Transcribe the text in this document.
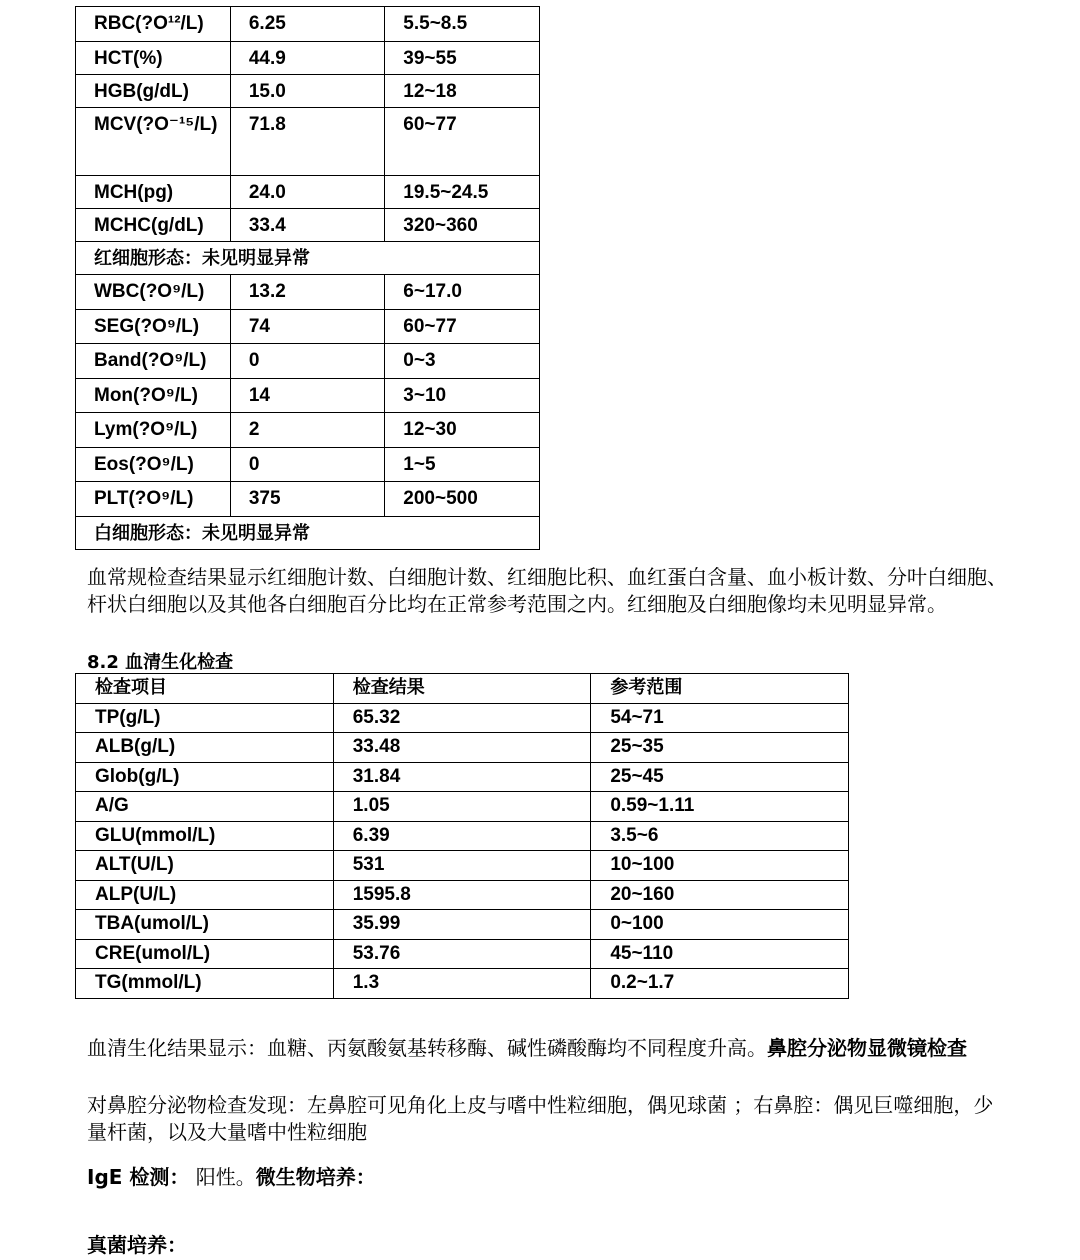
RBC(?O¹²/L)	6.25	5.5~8.5
HCT(%)	44.9	39~55
HGB(g/dL)	15.0	12~18
MCV(?O⁻¹⁵/L)	71.8	60~77
MCH(pg)	24.0	19.5~24.5
MCHC(g/dL)	33.4	320~360
红细胞形态：未见明显异常		
WBC(?O⁹/L)	13.2	6~17.0
SEG(?O⁹/L)	74	60~77
Band(?O⁹/L)	0	0~3
Mon(?O⁹/L)	14	3~10
Lym(?O⁹/L)	2	12~30
Eos(?O⁹/L)	0	1~5
PLT(?O⁹/L)	375	200~500
白细胞形态：未见明显异常		
血常规检查结果显示红细胞计数、白细胞计数、红细胞比积、血红蛋白含量、血小板计数、分叶白细胞、杆状白细胞以及其他各白细胞百分比均在正常参考范围之内。红细胞及白细胞像均未见明显异常。
8.2 血清生化检查
检查项目	检查结果	参考范围
TP(g/L)	65.32	54~71
ALB(g/L)	33.48	25~35
Glob(g/L)	31.84	25~45
A/G	1.05	0.59~1.11
GLU(mmol/L)	6.39	3.5~6
ALT(U/L)	531	10~100
ALP(U/L)	1595.8	20~160
TBA(umol/L)	35.99	0~100
CRE(umol/L)	53.76	45~110
TG(mmol/L)	1.3	0.2~1.7
血清生化结果显示：血糖、丙氨酸氨基转移酶、碱性磷酸酶均不同程度升高。鼻腔分泌物显微镜检查
对鼻腔分泌物检查发现：左鼻腔可见角化上皮与嗜中性粒细胞，偶见球菌 ；右鼻腔：偶见巨噬细胞，少量杆菌，以及大量嗜中性粒细胞
IgE 检测： 阳性。微生物培养：
真菌培养：
